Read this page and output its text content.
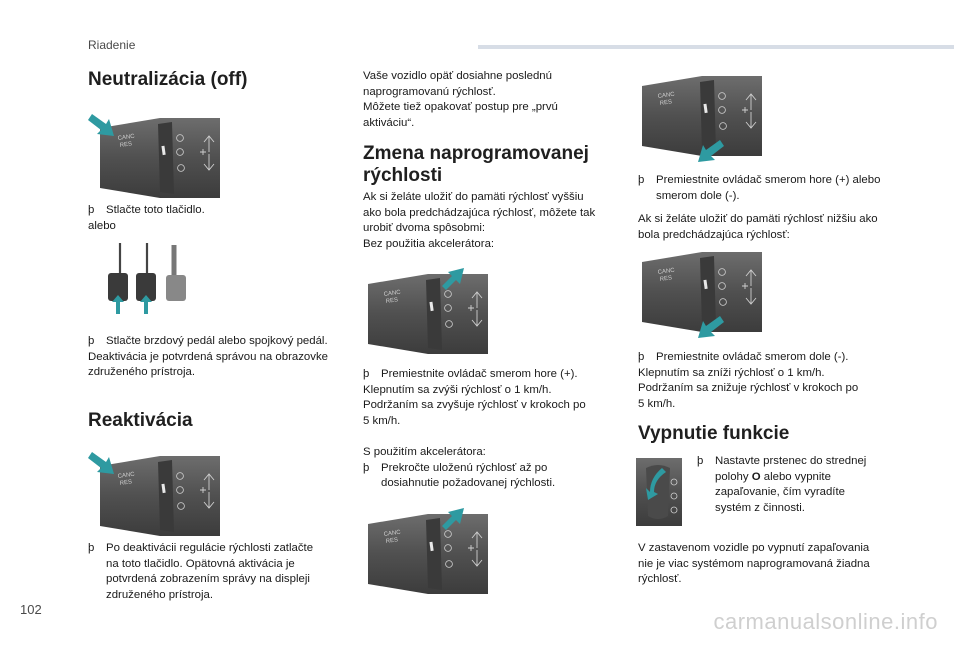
Riadenie
102
Neutralizácia (off)
CANC
RES
þ Stlačte toto tlačidlo.
alebo
þ Stlačte brzdový pedál alebo spojkový pedál.
Deaktivácia je potvrdená správou na obrazovke
združeného prístroja.
Reaktivácia
CANC
RES
þ Po deaktivácii regulácie rýchlosti zatlačte
na toto tlačidlo. Opätovná aktivácia je
potvrdená zobrazením správy na displeji
združeného prístroja.
Vaše vozidlo opäť dosiahne poslednú
naprogramovanú rýchlosť.
Môžete tiež opakovať postup pre „prvú
aktiváciu“.
Zmena naprogramovanej
rýchlosti
Ak si želáte uložiť do pamäti rýchlosť vyššiu
ako bola predchádzajúca rýchlosť, môžete tak
urobiť dvoma spôsobmi:
Bez použitia akcelerátora:
CANC
RES
þ Premiestnite ovládač smerom hore (+).
Klepnutím sa zvýši rýchlosť o 1 km/h.
Podržaním sa zvyšuje rýchlosť v krokoch po
5 km/h.
S použitím akcelerátora:
þ Prekročte uloženú rýchlosť až po
dosiahnutie požadovanej rýchlosti.
CANC
RES
CANC
RES
þ Premiestnite ovládač smerom hore (+) alebo
smerom dole (-).
Ak si želáte uložiť do pamäti rýchlosť nižšiu ako
bola predchádzajúca rýchlosť:
CANC
RES
þ Premiestnite ovládač smerom dole (-).
Klepnutím sa zníži rýchlosť o 1 km/h.
Podržaním sa znižuje rýchlosť v krokoch po
5 km/h.
Vypnutie funkcie
þ Nastavte prstenec do strednej
polohy O alebo vypnite
zapaľovanie, čím vyradíte
systém z činnosti.
V zastavenom vozidle po vypnutí zapaľovania
nie je viac systémom naprogramovaná žiadna
rýchlosť.
carmanualsonline.info
